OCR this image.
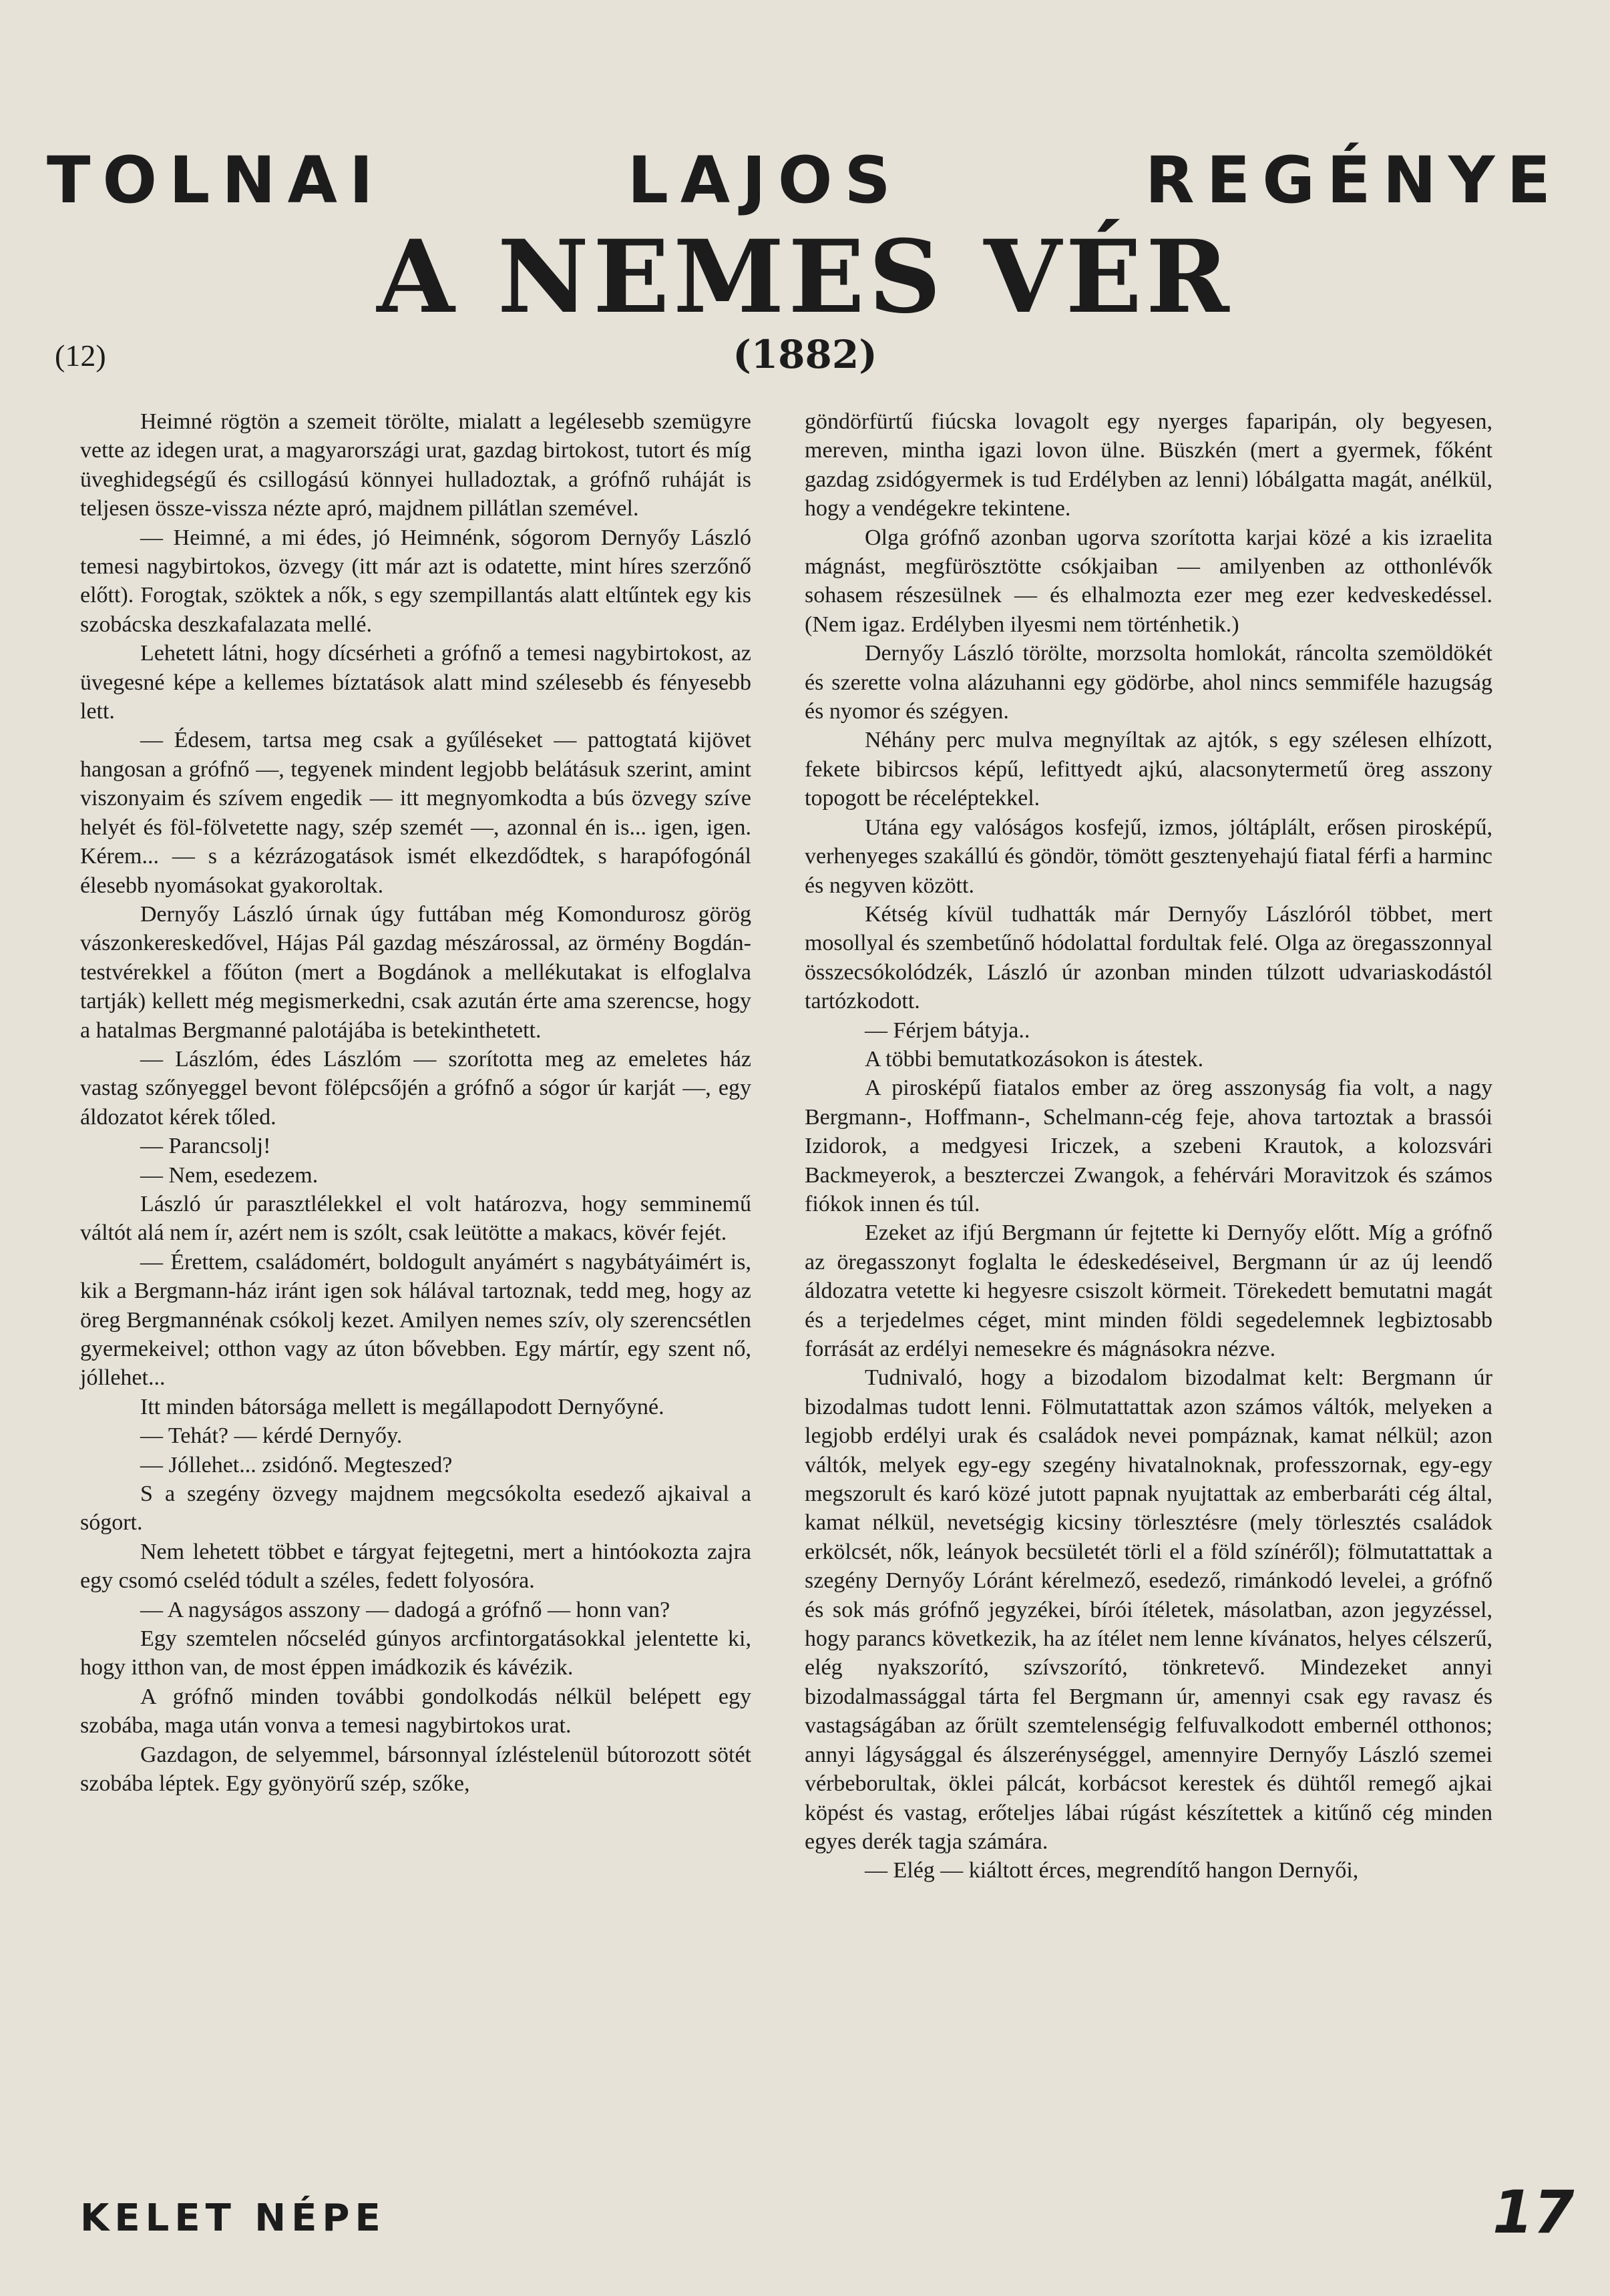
TOLNAI	LAJOS	REGÉNYE
A NEMES VÉR
(12)	(1882)

Heimné rögtön a szemeit törölte, mialatt a legélesebb szemügyre vette az idegen urat, a magyarországi urat, gazdag birtokost, tutort és míg üveghidegségű és csillogású könnyei hulladoztak, a grófnő ruháját is teljesen össze-vissza nézte apró, majdnem pillátlan szemével.

— Heimné, a mi édes, jó Heimnénk, sógorom Dernyőy László temesi nagybirtokos, özvegy (itt már azt is odatette, mint híres szerzőnő előtt). Forogtak, szöktek a nők, s egy szempillantás alatt eltűntek egy kis szobácska deszkafalazata mellé.

Lehetett látni, hogy dícsérheti a grófnő a temesi nagybirtokost, az üvegesné képe a kellemes bíztatások alatt mind szélesebb és fényesebb lett.

— Édesem, tartsa meg csak a gyűléseket — pattogtatá kijövet hangosan a grófnő —, tegyenek mindent legjobb belátásuk szerint, amint viszonyaim és szívem engedik — itt megnyomkodta a bús özvegy szíve helyét és föl-fölvetette nagy, szép szemét —, azonnal én is... igen, igen. Kérem... — s a kézrázogatások ismét elkezdődtek, s harapófogónál élesebb nyomásokat gyakoroltak.

Dernyőy László úrnak úgy futtában még Komondurosz görög vászonkereskedővel, Hájas Pál gazdag mészárossal, az örmény Bogdán-testvérekkel a főúton (mert a Bogdánok a mellékutakat is elfoglalva tartják) kellett még megismerkedni, csak azután érte ama szerencse, hogy a hatalmas Bergmanné palotájába is betekinthetett.

— Lászlóm, édes Lászlóm — szorította meg az emeletes ház vastag szőnyeggel bevont fölépcsőjén a grófnő a sógor úr karját —, egy áldozatot kérek tőled.

— Parancsolj!

— Nem, esedezem.

László úr parasztlélekkel el volt határozva, hogy semminemű váltót alá nem ír, azért nem is szólt, csak leütötte a makacs, kövér fejét.

— Érettem, családomért, boldogult anyámért s nagybátyáimért is, kik a Bergmann-ház iránt igen sok hálával tartoznak, tedd meg, hogy az öreg Bergmannénak csókolj kezet. Amilyen nemes szív, oly szerencsétlen gyermekeivel; otthon vagy az úton bővebben. Egy mártír, egy szent nő, jóllehet...

Itt minden bátorsága mellett is megállapodott Dernyőyné.

— Tehát? — kérdé Dernyőy.

— Jóllehet... zsidónő. Megteszed?

S a szegény özvegy majdnem megcsókolta esedező ajkaival a sógort.

Nem lehetett többet e tárgyat fejtegetni, mert a hintóokozta zajra egy csomó cseléd tódult a széles, fedett folyosóra.

— A nagyságos asszony — dadogá a grófnő — honn van?

Egy szemtelen nőcseléd gúnyos arcfintorgatásokkal jelentette ki, hogy itthon van, de most éppen imádkozik és kávézik.

A grófnő minden további gondolkodás nélkül belépett egy szobába, maga után vonva a temesi nagybirtokos urat.

Gazdagon, de selyemmel, bársonnyal ízléstelenül bútorozott sötét szobába léptek. Egy gyönyörű szép, szőke,

göndörfürtű fiúcska lovagolt egy nyerges faparipán, oly begyesen, mereven, mintha igazi lovon ülne. Büszkén (mert a gyermek, főként gazdag zsidógyermek is tud Erdélyben az lenni) lóbálgatta magát, anélkül, hogy a vendégekre tekintene.

Olga grófnő azonban ugorva szorította karjai közé a kis izraelita mágnást, megfürösztötte csókjaiban — amilyenben az otthonlévők sohasem részesülnek — és elhalmozta ezer meg ezer kedveskedéssel. (Nem igaz. Erdélyben ilyesmi nem történhetik.)

Dernyőy László törölte, morzsolta homlokát, ráncolta szemöldökét és szerette volna alázuhanni egy gödörbe, ahol nincs semmiféle hazugság és nyomor és szégyen.

Néhány perc mulva megnyíltak az ajtók, s egy szélesen elhízott, fekete bibircsos képű, lefittyedt ajkú, alacsonytermetű öreg asszony topogott be réceléptekkel.

Utána egy valóságos kosfejű, izmos, jóltáplált, erősen pirosképű, verhenyeges szakállú és göndör, tömött gesztenyehajú fiatal férfi a harminc és negyven között.

Kétség kívül tudhatták már Dernyőy Lászlóról többet, mert mosollyal és szembetűnő hódolattal fordultak felé. Olga az öregasszonnyal összecsókolódzék, László úr azonban minden túlzott udvariaskodástól tartózkodott.

— Férjem bátyja..

A többi bemutatkozásokon is átestek.

A pirosképű fiatalos ember az öreg asszonyság fia volt, a nagy Bergmann-, Hoffmann-, Schelmann-cég feje, ahova tartoztak a brassói Izidorok, a medgyesi Iriczek, a szebeni Krautok, a kolozsvári Backmeyerok, a beszterczei Zwangok, a fehérvári Moravitzok és számos fiókok innen és túl.

Ezeket az ifjú Bergmann úr fejtette ki Dernyőy előtt. Míg a grófnő az öregasszonyt foglalta le édeskedéseivel, Bergmann úr az új leendő áldozatra vetette ki hegyesre csiszolt körmeit. Törekedett bemutatni magát és a terjedelmes céget, mint minden földi segedelemnek legbiztosabb forrását az erdélyi nemesekre és mágnásokra nézve.

Tudnivaló, hogy a bizodalom bizodalmat kelt: Bergmann úr bizodalmas tudott lenni. Fölmutattattak azon számos váltók, melyeken a legjobb erdélyi urak és családok nevei pompáznak, kamat nélkül; azon váltók, melyek egy-egy szegény hivatalnoknak, professzornak, egy-egy megszorult és karó közé jutott papnak nyujtattak az emberbaráti cég által, kamat nélkül, nevetségig kicsiny törlesztésre (mely törlesztés családok erkölcsét, nők, leányok becsületét törli el a föld színéről); fölmutattattak a szegény Dernyőy Lóránt kérelmező, esedező, rimánkodó levelei, a grófnő és sok más grófnő jegyzékei, bírói ítéletek, másolatban, azon jegyzéssel, hogy parancs következik, ha az ítélet nem lenne kívánatos, helyes célszerű, elég nyakszorító, szívszorító, tönkretevő. Mindezeket annyi bizodalmassággal tárta fel Bergmann úr, amennyi csak egy ravasz és vastagságában az őrült szemtelenségig felfuvalkodott embernél otthonos; annyi lágysággal és álszerénységgel, amennyire Dernyőy László szemei vérbeborultak, öklei pálcát, korbácsot kerestek és dühtől remegő ajkai köpést és vastag, erőteljes lábai rúgást készítettek a kitűnő cég minden egyes derék tagja számára.

— Elég — kiáltott érces, megrendítő hangon Dernyői,

KELET NÉPE	17
